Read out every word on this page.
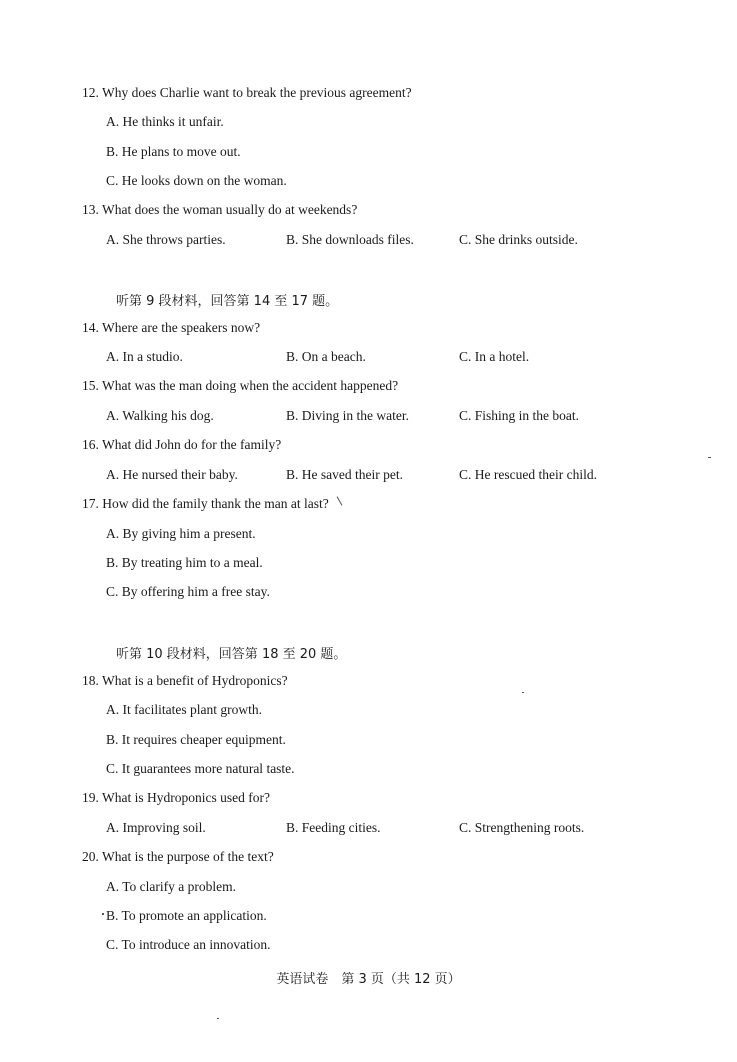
12. Why does Charlie want to break the previous agreement?
A. He thinks it unfair.
B. He plans to move out.
C. He looks down on the woman.
13. What does the woman usually do at weekends?
A. She throws parties.	B. She downloads files.	C. She drinks outside.
听第 9 段材料，回答第 14 至 17 题。
14. Where are the speakers now?
A. In a studio.	B. On a beach.	C. In a hotel.
15. What was the man doing when the accident happened?
A. Walking his dog.	B. Diving in the water.	C. Fishing in the boat.
16. What did John do for the family?
A. He nursed their baby.	B. He saved their pet.	C. He rescued their child.
17. How did the family thank the man at last?
A. By giving him a present.
B. By treating him to a meal.
C. By offering him a free stay.
听第 10 段材料，回答第 18 至 20 题。
18. What is a benefit of Hydroponics?
A. It facilitates plant growth.
B. It requires cheaper equipment.
C. It guarantees more natural taste.
19. What is Hydroponics used for?
A. Improving soil.	B. Feeding cities.	C. Strengthening roots.
20. What is the purpose of the text?
A. To clarify a problem.
B. To promote an application.
C. To introduce an innovation.
英语试卷　第 3 页（共 12 页）
